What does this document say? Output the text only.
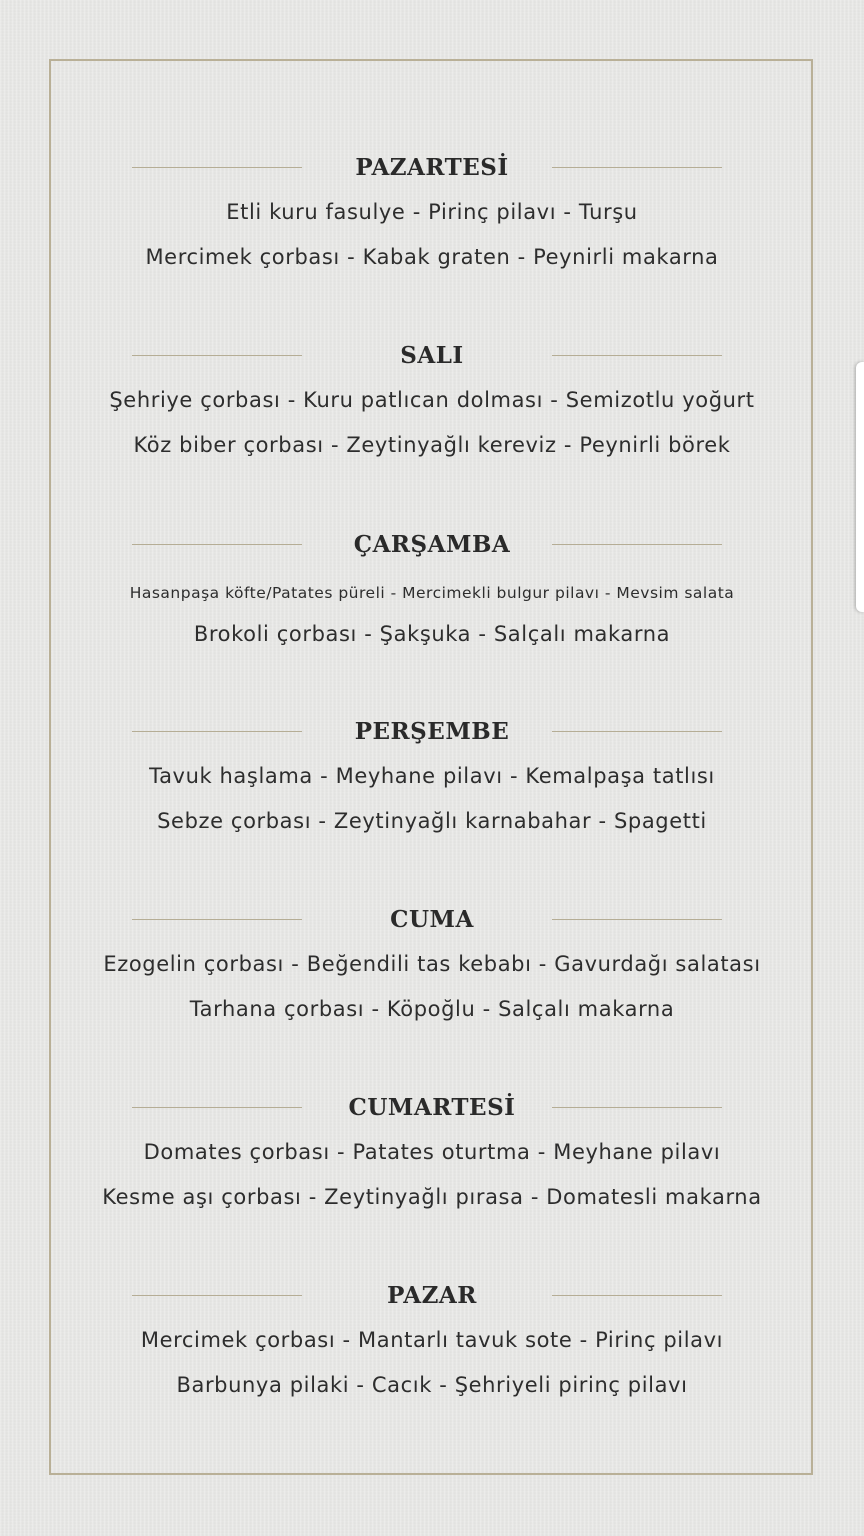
PAZARTESİ
Etli kuru fasulye - Pirinç pilavı - Turşu
Mercimek çorbası - Kabak graten - Peynirli makarna
SALI
Şehriye çorbası - Kuru patlıcan dolması - Semizotlu yoğurt
Köz biber çorbası - Zeytinyağlı kereviz - Peynirli börek
ÇARŞAMBA
Hasanpaşa köfte/Patates püreli - Mercimekli bulgur pilavı - Mevsim salata
Brokoli çorbası - Şakşuka - Salçalı makarna
PERŞEMBE
Tavuk haşlama - Meyhane pilavı - Kemalpaşa tatlısı
Sebze çorbası - Zeytinyağlı karnabahar - Spagetti
CUMA
Ezogelin çorbası - Beğendili tas kebabı - Gavurdağı salatası
Tarhana çorbası - Köpoğlu - Salçalı makarna
CUMARTESİ
Domates çorbası - Patates oturtma - Meyhane pilavı
Kesme aşı çorbası - Zeytinyağlı pırasa - Domatesli makarna
PAZAR
Mercimek çorbası - Mantarlı tavuk sote - Pirinç pilavı
Barbunya pilaki - Cacık - Şehriyeli pirinç pilavı
